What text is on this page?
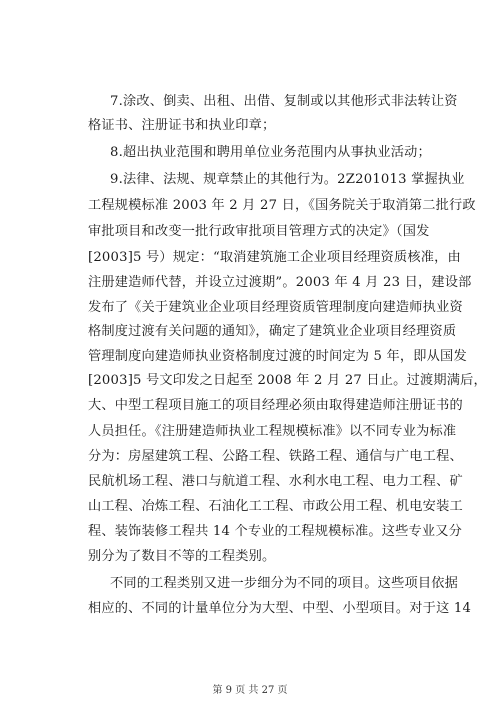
7.涂改、倒卖、出租、出借、复制或以其他形式非法转让资
格证书、注册证书和执业印章；
8.超出执业范围和聘用单位业务范围内从事执业活动；
9.法律、法规、规章禁止的其他行为。2Z201013 掌握执业
工程规模标准 2003 年 2 月 27 日，《国务院关于取消第二批行政
审批项目和改变一批行政审批项目管理方式的决定》（国发
[2003]5 号）规定：“取消建筑施工企业项目经理资质核准，由
注册建造师代替，并设立过渡期”。2003 年 4 月 23 日，建设部
发布了《关于建筑业企业项目经理资质管理制度向建造师执业资
格制度过渡有关问题的通知》，确定了建筑业企业项目经理资质
管理制度向建造师执业资格制度过渡的时间定为 5 年，即从国发
[2003]5 号文印发之日起至 2008 年 2 月 27 日止。过渡期满后，
大、中型工程项目施工的项目经理必须由取得建造师注册证书的
人员担任。《注册建造师执业工程规模标准》以不同专业为标准
分为：房屋建筑工程、公路工程、铁路工程、通信与广电工程、
民航机场工程、港口与航道工程、水利水电工程、电力工程、矿
山工程、冶炼工程、石油化工工程、市政公用工程、机电安装工
程、装饰装修工程共 14 个专业的工程规模标准。这些专业又分
别分为了数目不等的工程类别。
不同的工程类别又进一步细分为不同的项目。这些项目依据
相应的、不同的计量单位分为大型、中型、小型项目。对于这 14
第 9 页 共 27 页
